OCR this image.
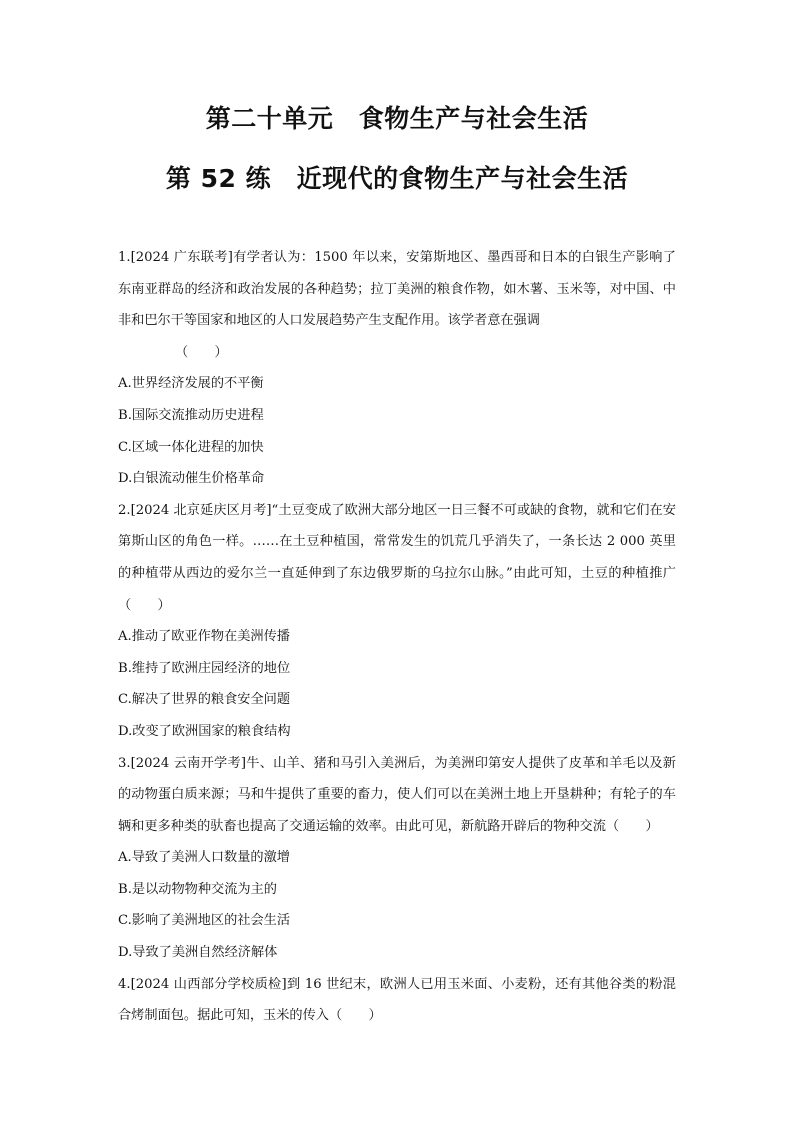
第二十单元　食物生产与社会生活
第 52 练　近现代的食物生产与社会生活

1.[2024 广东联考]有学者认为：1500 年以来，安第斯地区、墨西哥和日本的白银生产影响了东南亚群岛的经济和政治发展的各种趋势；拉丁美洲的粮食作物，如木薯、玉米等，对中国、中非和巴尔干等国家和地区的人口发展趋势产生支配作用。该学者意在强调

（　　）

A.世界经济发展的不平衡

B.国际交流推动历史进程

C.区域一体化进程的加快

D.白银流动催生价格革命

2.[2024 北京延庆区月考]“土豆变成了欧洲大部分地区一日三餐不可或缺的食物，就和它们在安第斯山区的角色一样。……在土豆种植国，常常发生的饥荒几乎消失了，一条长达 2 000 英里的种植带从西边的爱尔兰一直延伸到了东边俄罗斯的乌拉尔山脉。”由此可知，土豆的种植推广（　　）

A.推动了欧亚作物在美洲传播

B.维持了欧洲庄园经济的地位

C.解决了世界的粮食安全问题

D.改变了欧洲国家的粮食结构

3.[2024 云南开学考]牛、山羊、猪和马引入美洲后，为美洲印第安人提供了皮革和羊毛以及新的动物蛋白质来源；马和牛提供了重要的畜力，使人们可以在美洲土地上开垦耕种；有轮子的车辆和更多种类的驮畜也提高了交通运输的效率。由此可见，新航路开辟后的物种交流（　　）

A.导致了美洲人口数量的激增

B.是以动物物种交流为主的

C.影响了美洲地区的社会生活

D.导致了美洲自然经济解体

4.[2024 山西部分学校质检]到 16 世纪末，欧洲人已用玉米面、小麦粉，还有其他谷类的粉混合烤制面包。据此可知，玉米的传入（　　）
